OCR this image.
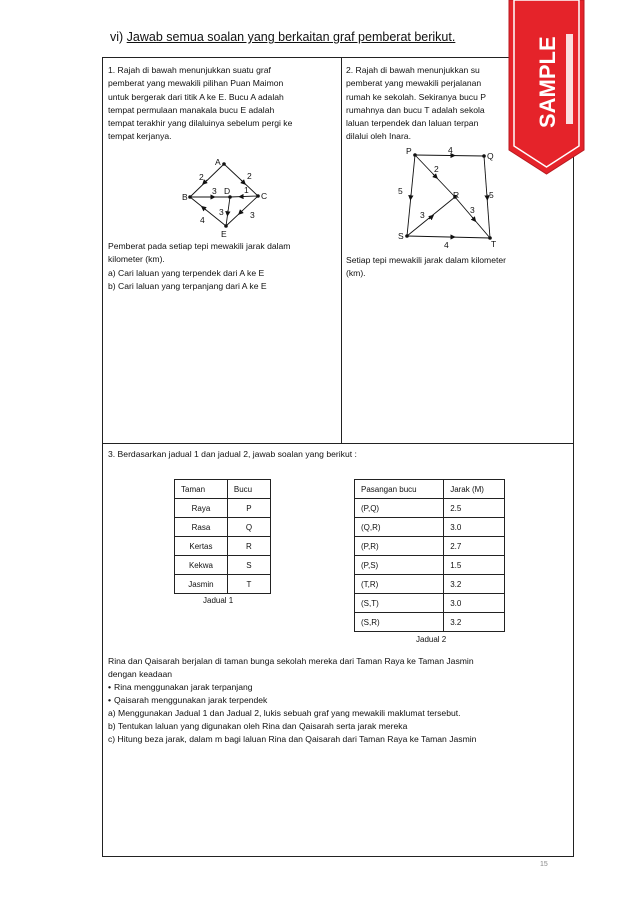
vi) Jawab semua soalan yang berkaitan graf pemberat berikut.

1. Rajah di bawah menunjukkan suatu graf

pemberat yang mewakili pilihan Puan Maimon

untuk bergerak dari titik A ke E. Bucu A adalah

tempat permulaan manakala bucu E adalah

tempat terakhir yang dilaluinya sebelum pergi ke

tempat kerjanya.

A
B
D	C
E
2	2
3	1
3	3
4

Pemberat pada setiap tepi mewakili jarak dalam

kilometer (km).

a) Cari laluan yang terpendek dari A ke E

b) Cari laluan yang terpanjang dari A ke E

2. Rajah di bawah menunjukkan su

pemberat yang mewakili perjalanan

rumah ke sekolah. Sekiranya bucu P

rumahnya dan bucu T adalah sekola

laluan terpendek dan laluan terpan

dilalui oleh Inara.

P	Q
R
S
T
4
2
5	5
3	3
4

Setiap tepi mewakili jarak dalam kilometer

(km).

3. Berdasarkan jadual 1 dan jadual 2, jawab soalan yang berikut :
Taman	Bucu
Raya	P
Rasa	Q
Kertas	R
Kekwa	S
Jasmin	T
Jadual 1
Pasangan bucu	Jarak (M)
(P,Q)	2.5
(Q,R)	3.0
(P,R)	2.7
(P,S)	1.5
(T,R)	3.2
(S,T)	3.0
(S,R)	3.2
Jadual 2

Rina dan Qaisarah berjalan di taman bunga sekolah mereka dari Taman Raya ke Taman Jasmin

dengan keadaan

• Rina menggunakan jarak terpanjang

• Qaisarah menggunakan jarak terpendek

a) Menggunakan Jadual 1 dan Jadual 2, lukis sebuah graf yang mewakili maklumat tersebut.

b) Tentukan laluan yang digunakan oleh Rina dan Qaisarah serta jarak mereka

c) Hitung beza jarak, dalam m bagi laluan Rina dan Qaisarah dari Taman Raya ke Taman Jasmin

15
SAMPLE
